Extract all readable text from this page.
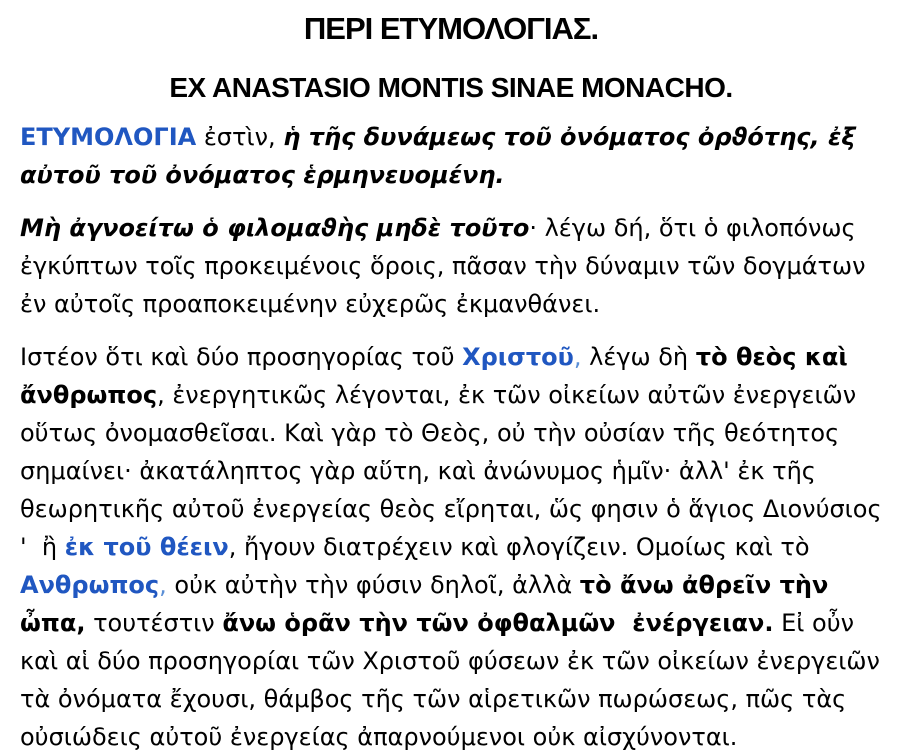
ΠΕΡΙ ΕΤΥΜΟΛΟΓΙΑΣ.
EX ANASTASIO MONTIS SINAE MONACHO.

ΕΤΥΜΟΛΟΓΙΑ ἐστὶν, ἡ τῆς δυνάμεως τοῦ ὀνόματος ὀρϑότης, ἐξ αὐτοῦ τοῦ ὀνόματος ἑρμηνευομένη.

Μὴ ἀγνοείτω ὁ φιλομαϑὴς μηδὲ τοῦτο· λέγω δή, ὅτι ὁ φιλοπόνως ἐγκύπτων τοῖς προκειμένοις ὅροις, πᾶσαν τὴν δύναμιν τῶν δογμάτων ἐν αὐτοῖς προαποκειμένην εὐχερῶς ἐκμανθάνει.

Ιστέον ὅτι καὶ δύο προσηγορίας τοῦ Χριστοῦ, λέγω δὴ τὸ θεὸς καὶ ἄνθρωπος, ἐνεργητικῶς λέγονται, ἐκ τῶν οἰκείων αὐτῶν ἐνεργειῶν οὕτως ὀνομασθεῖσαι. Καὶ γὰρ τὸ Θεὸς, οὐ τὴν οὐσίαν τῆς θεότητος σημαίνει· ἀκατάληπτος γὰρ αὕτη, καὶ ἀνώνυμος ἡμῖν· ἀλλ' ἐκ τῆς θεωρητικῆς αὐτοῦ ἐνεργείας θεὸς εἴρηται, ὥς φησιν ὁ ἅγιος Διονύσιος '  ἢ ἐκ τοῦ θέειν, ἤγουν διατρέχειν καὶ φλογίζειν. Ομοίως καὶ τὸ Ανθρωπος, οὐκ αὐτὴν τὴν φύσιν δηλοῖ, ἀλλὰ τὸ ἄνω ἀθρεῖν τὴν ὦπα, τουτέστιν ἄνω ὁρᾶν τὴν τῶν ὀφθαλμῶν  ἐνέργειαν. Εἰ οὖν καὶ αἱ δύο προσηγορίαι τῶν Χριστοῦ φύσεων ἐκ τῶν οἰκείων ἐνεργειῶν τὰ ὀνόματα ἔχουσι, θάμβος τῆς τῶν αἱρετικῶν πωρώσεως, πῶς τὰς οὐσιώδεις αὐτοῦ ἐνεργείας ἀπαρνούμενοι οὐκ αἰσχύνονται.
